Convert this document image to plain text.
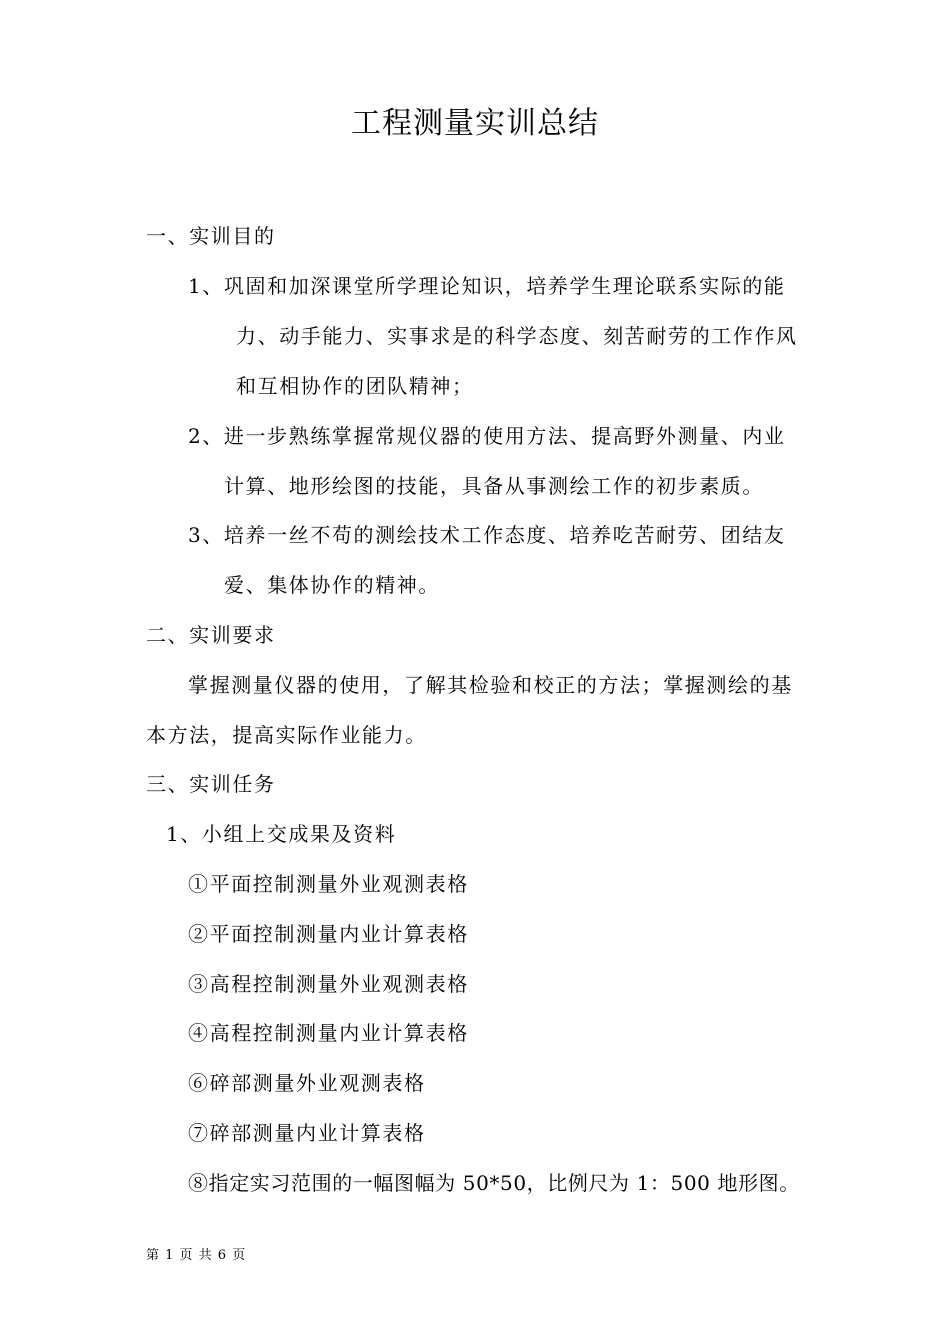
工程测量实训总结
一、实训目的
1、巩固和加深课堂所学理论知识，培养学生理论联系实际的能
力、动手能力、实事求是的科学态度、刻苦耐劳的工作作风
和互相协作的团队精神；
2、进一步熟练掌握常规仪器的使用方法、提高野外测量、内业
计算、地形绘图的技能，具备从事测绘工作的初步素质。
3、培养一丝不苟的测绘技术工作态度、培养吃苦耐劳、团结友
爱、集体协作的精神。
二、实训要求
掌握测量仪器的使用，了解其检验和校正的方法；掌握测绘的基
本方法，提高实际作业能力。
三、实训任务
1、小组上交成果及资料
①平面控制测量外业观测表格
②平面控制测量内业计算表格
③高程控制测量外业观测表格
④高程控制测量内业计算表格
⑥碎部测量外业观测表格
⑦碎部测量内业计算表格
⑧指定实习范围的一幅图幅为 50*50，比例尺为 1：500 地形图。
第 1 页 共 6 页
